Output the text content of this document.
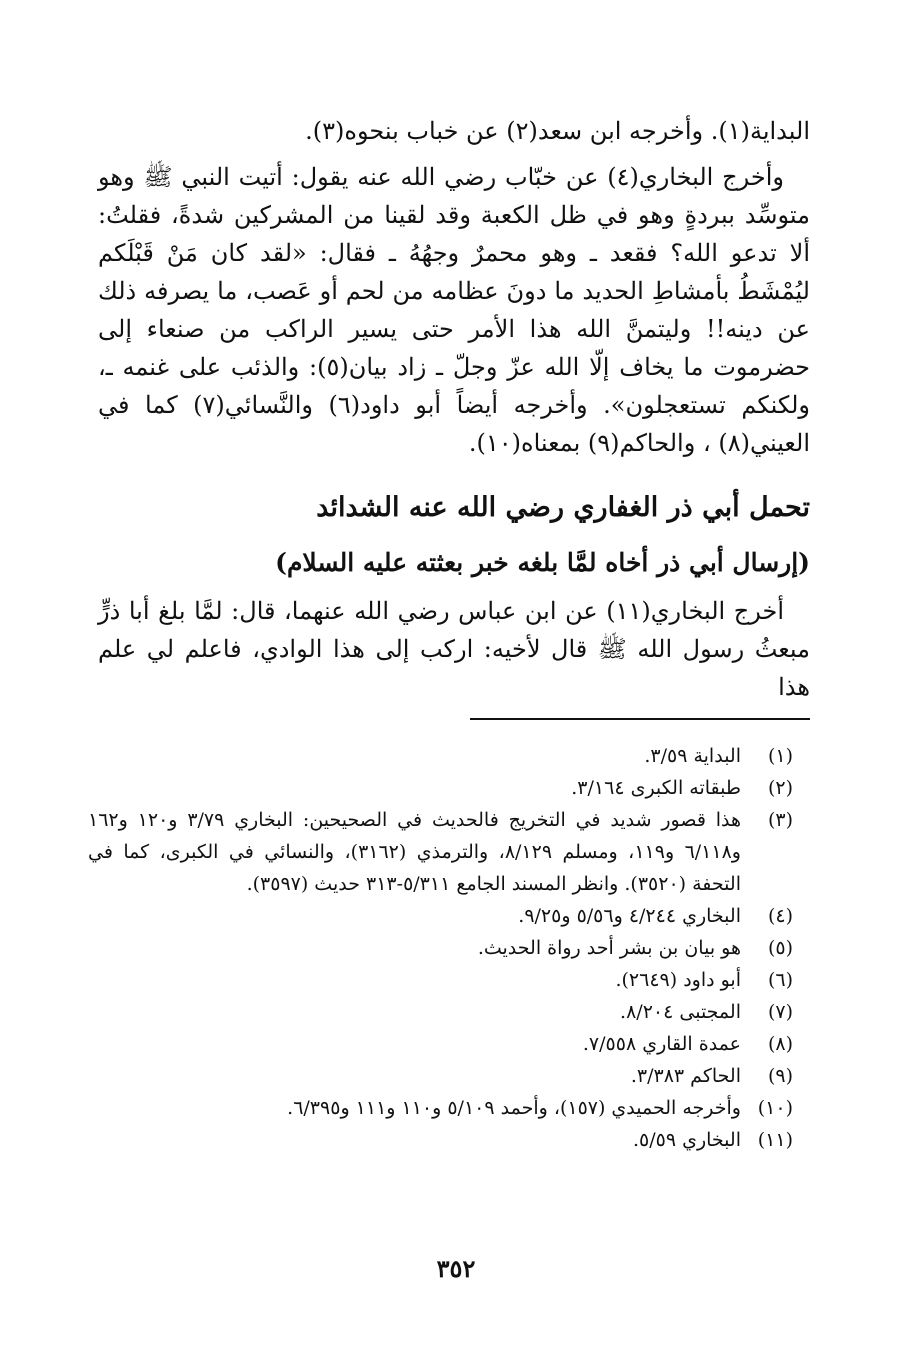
البداية(١). وأخرجه ابن سعد(٢) عن خباب بنحوه(٣).

وأخرج البخاري(٤) عن خبّاب رضي الله عنه يقول: أتيت النبي ﷺ وهو متوسِّد ببردةٍ وهو في ظل الكعبة وقد لقينا من المشركين شدةً، فقلتُ: ألا تدعو الله؟ فقعد ـ وهو محمرٌ وجهُهُ ـ فقال: «لقد كان مَنْ قَبْلَكم ليُمْشَطُ بأمشاطِ الحديد ما دونَ عظامه من لحم أو عَصب، ما يصرفه ذلك عن دينه!! وليتمنَّ الله هذا الأمر حتى يسير الراكب من صنعاء إلى حضرموت ما يخاف إلّا الله عزّ وجلّ ـ زاد بيان(٥): والذئب على غنمه ـ، ولكنكم تستعجلون». وأخرجه أيضاً أبو داود(٦) والنَّسائي(٧) كما في العيني(٨) ، والحاكم(٩) بمعناه(١٠).

تحمل أبي ذر الغفاري رضي الله عنه الشدائد
(إرسال أبي ذر أخاه لمَّا بلغه خبر بعثته عليه السلام)

أخرج البخاري(١١) عن ابن عباس رضي الله عنهما، قال: لمَّا بلغ أبا ذرٍّ مبعثُ رسول الله ﷺ قال لأخيه: اركب إلى هذا الوادي، فاعلم لي علم هذا

(١)
البداية ٣/٥٩.
(٢)
طبقاته الكبرى ٣/١٦٤.
(٣)
هذا قصور شديد في التخريج فالحديث في الصحيحين: البخاري ٣/٧٩ و١٢٠ و١٦٢ و٦/١١٨ و١١٩، ومسلم ٨/١٢٩، والترمذي (٣١٦٢)، والنسائي في الكبرى، كما في التحفة (٣٥٢٠). وانظر المسند الجامع ٥/٣١١-٣١٣ حديث (٣٥٩٧).
(٤)
البخاري ٤/٢٤٤ و٥/٥٦ و٩/٢٥.
(٥)
هو بيان بن بشر أحد رواة الحديث.
(٦)
أبو داود (٢٦٤٩).
(٧)
المجتبى ٨/٢٠٤.
(٨)
عمدة القاري ٧/٥٥٨.
(٩)
الحاكم ٣/٣٨٣.
(١٠)
وأخرجه الحميدي (١٥٧)، وأحمد ٥/١٠٩ و١١٠ و١١١ و٦/٣٩٥.
(١١)
البخاري ٥/٥٩.
٣٥٢
